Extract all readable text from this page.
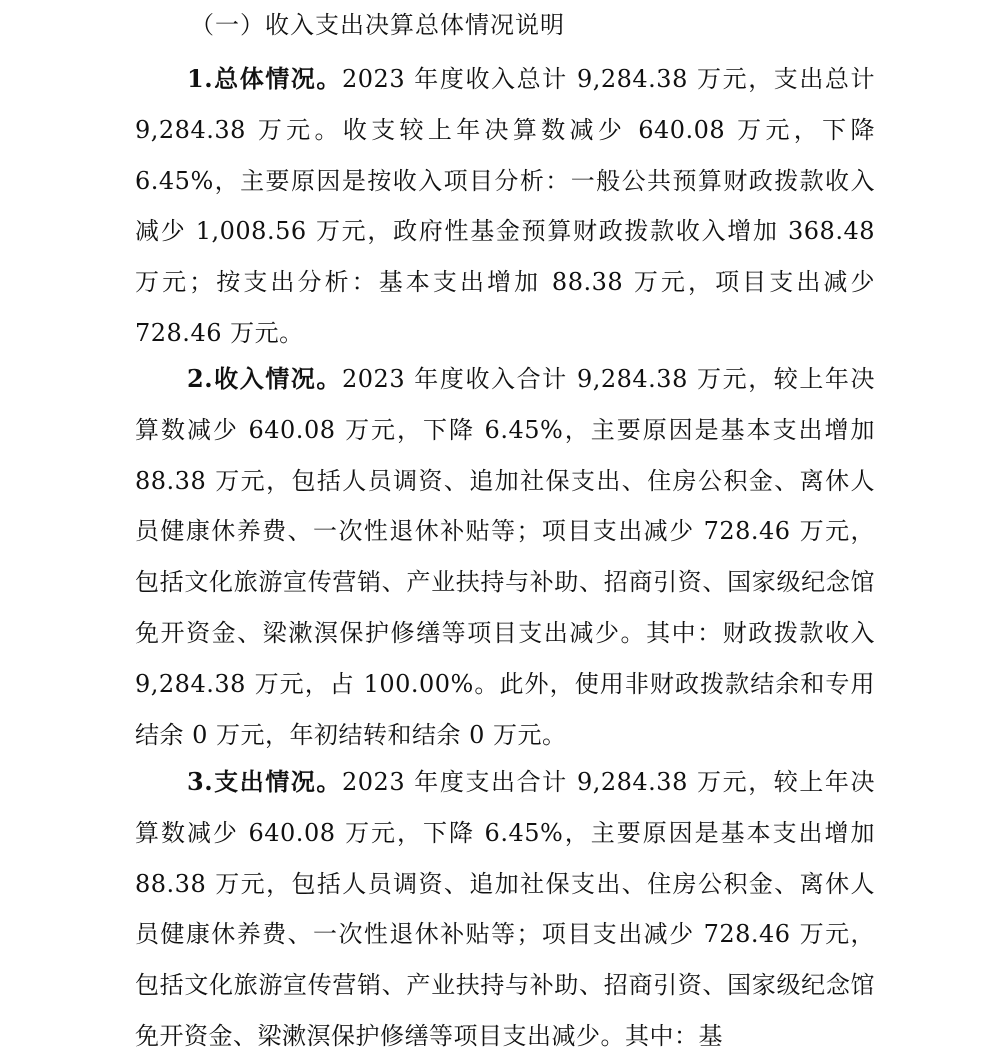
（一）收入支出决算总体情况说明

1.总体情况。2023 年度收入总计 9,284.38 万元，支出总计 9,284.38 万元。收支较上年决算数减少 640.08 万元，下降 6.45%，主要原因是按收入项目分析：一般公共预算财政拨款收入减少 1,008.56 万元，政府性基金预算财政拨款收入增加 368.48 万元；按支出分析：基本支出增加 88.38 万元，项目支出减少 728.46 万元。

2.收入情况。2023 年度收入合计 9,284.38 万元，较上年决算数减少 640.08 万元，下降 6.45%，主要原因是基本支出增加 88.38 万元，包括人员调资、追加社保支出、住房公积金、离休人员健康休养费、一次性退休补贴等；项目支出减少 728.46 万元，包括文化旅游宣传营销、产业扶持与补助、招商引资、国家级纪念馆免开资金、梁漱溟保护修缮等项目支出减少。其中：财政拨款收入 9,284.38 万元，占 100.00%。此外，使用非财政拨款结余和专用结余 0 万元，年初结转和结余 0 万元。

3.支出情况。2023 年度支出合计 9,284.38 万元，较上年决算数减少 640.08 万元，下降 6.45%，主要原因是基本支出增加 88.38 万元，包括人员调资、追加社保支出、住房公积金、离休人员健康休养费、一次性退休补贴等；项目支出减少 728.46 万元，包括文化旅游宣传营销、产业扶持与补助、招商引资、国家级纪念馆免开资金、梁漱溟保护修缮等项目支出减少。其中：基
